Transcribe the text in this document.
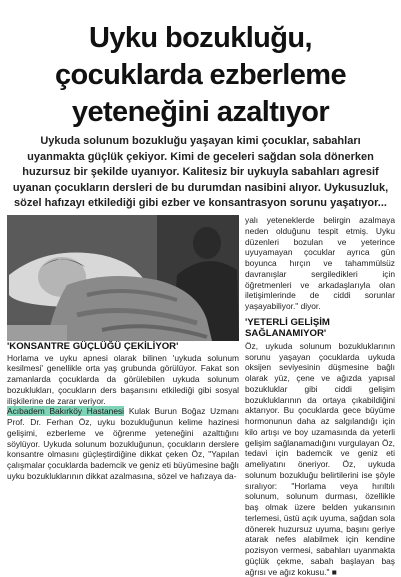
Uyku bozukluğu,
çocuklarda ezberleme
yeteneğini azaltıyor
Uykuda solunum bozukluğu yaşayan kimi çocuklar, sabahları uyanmakta güçlük çekiyor. Kimi de geceleri sağdan sola dönerken huzursuz bir şekilde uyanıyor. Kalitesiz bir uykuyla sabahları agresif uyanan çocukların dersleri de bu durumdan nasibini alıyor. Uykusuzluk, sözel hafızayı etkilediği gibi ezber ve konsantrasyon sorunu yaşatıyor...
'KONSANTRE GÜÇLÜĞÜ ÇEKİLİYOR'

Horlama ve uyku apnesi olarak bilinen 'uykuda solunum kesilmesi' genellikle orta yaş grubunda görülüyor. Fakat son zamanlarda çocuklarda da görülebilen uykuda solunum bozuklukları, çocukların ders başarısını etkilediği gibi sosyal ilişkilerine de zarar veriyor.

Acıbadem Bakırköy Hastanesi Kulak Burun Boğaz Uzmanı Prof. Dr. Ferhan Öz, uyku bozukluğunun kelime hazinesi gelişimi, ezberleme ve öğrenme yeteneğini azalttığını söylüyor. Uykuda solunum bozukluğunun, çocukların derslere konsantre olmasını güçleştirdiğine dikkat çeken Öz, "Yapılan çalışmalar çocuklarda bademcik ve geniz eti büyümesine bağlı uyku bozukluklarının dikkat azalmasına, sözel ve hafızaya da-

yalı yeteneklerde belirgin azalmaya neden olduğunu tespit etmiş. Uyku düzenleri bozulan ve yeterince uyuyamayan çocuklar ayrıca gün boyunca hırçın ve tahammülsüz davranışlar sergiledikleri için öğretmenleri ve arkadaşlarıyla olan iletişimlerinde de ciddi sorunlar yaşayabiliyor." diyor.

'YETERLİ GELİŞİM
SAĞLANAMIYOR'

Öz, uykuda solunum bozukluklarının sorunu yaşayan çocuklarda uykuda oksijen seviyesinin düşmesine bağlı olarak yüz, çene ve ağızda yapısal bozukluklar gibi ciddi gelişim bozukluklarının da ortaya çıkabildiğini aktarıyor. Bu çocuklarda gece büyüme hormonunun daha az salgılandığı için kilo artışı ve boy uzamasında da yeterli gelişim sağlanamadığını vurgulayan Öz, tedavi için bademcik ve geniz eti ameliyatını öneriyor. Öz, uykuda solunum bozukluğu belirtilerini ise şöyle sıralıyor: "Horlama veya hırıltılı solunum, solunum durması, özellikle baş olmak üzere belden yukarısının terlemesi, üstü açık uyuma, sağdan sola dönerek huzursuz uyuma, başını geriye atarak nefes alabilmek için kendine pozisyon vermesi, sabahları uyanmakta güçlük çekme, sabah başlayan baş ağrısı ve ağız kokusu." ■
